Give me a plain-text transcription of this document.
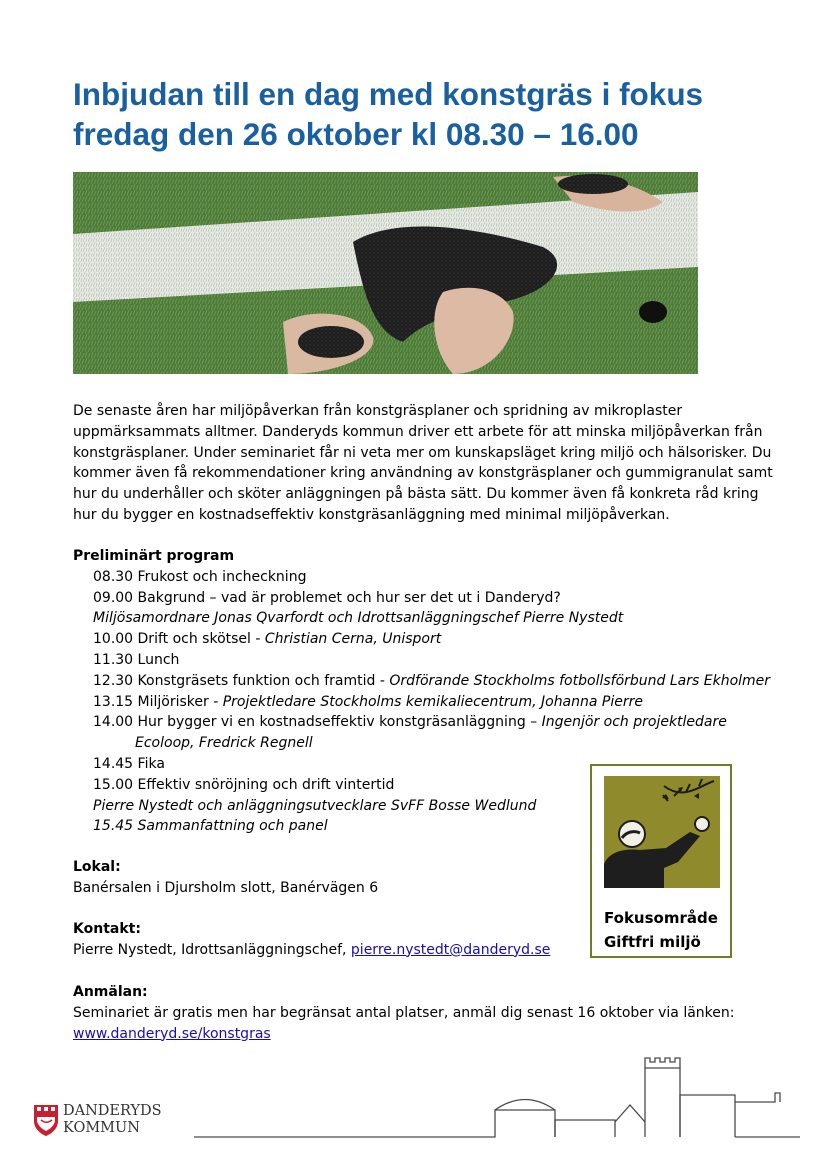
Inbjudan till en dag med konstgräs i fokus
fredag den 26 oktober kl 08.30 – 16.00

De senaste åren har miljöpåverkan från konstgräsplaner och spridning av mikroplaster uppmärksammats alltmer. Danderyds kommun driver ett arbete för att minska miljöpåverkan från konstgräsplaner. Under seminariet får ni veta mer om kunskapsläget kring miljö och hälsorisker. Du kommer även få rekommendationer kring användning av konstgräsplaner och gummigranulat samt hur du underhåller och sköter anläggningen på bästa sätt. Du kommer även få konkreta råd kring hur du bygger en kostnadseffektiv konstgräsanläggning med minimal miljöpåverkan.

Preliminärt program
08.30 Frukost och incheckning
09.00 Bakgrund – vad är problemet och hur ser det ut i Danderyd?
Miljösamordnare Jonas Qvarfordt och Idrottsanläggningschef Pierre Nystedt
10.00 Drift och skötsel - Christian Cerna, Unisport
11.30 Lunch
12.30 Konstgräsets funktion och framtid - Ordförande Stockholms fotbollsförbund Lars Ekholmer
13.15 Miljörisker - Projektledare Stockholms kemikaliecentrum, Johanna Pierre
14.00 Hur bygger vi en kostnadseffektiv konstgräsanläggning – Ingenjör och projektledare
Ecoloop, Fredrick Regnell
14.45 Fika
15.00 Effektiv snöröjning och drift vintertid
Pierre Nystedt och anläggningsutvecklare SvFF Bosse Wedlund
15.45 Sammanfattning och panel
Lokal:
Banérsalen i Djursholm slott, Banérvägen 6
Kontakt:
Pierre Nystedt, Idrottsanläggningschef, pierre.nystedt@danderyd.se
Anmälan:
Seminariet är gratis men har begränsat antal platser, anmäl dig senast 16 oktober via länken:
www.danderyd.se/konstgras
Fokusområde
Giftfri miljö
DANDERYDS
KOMMUN
